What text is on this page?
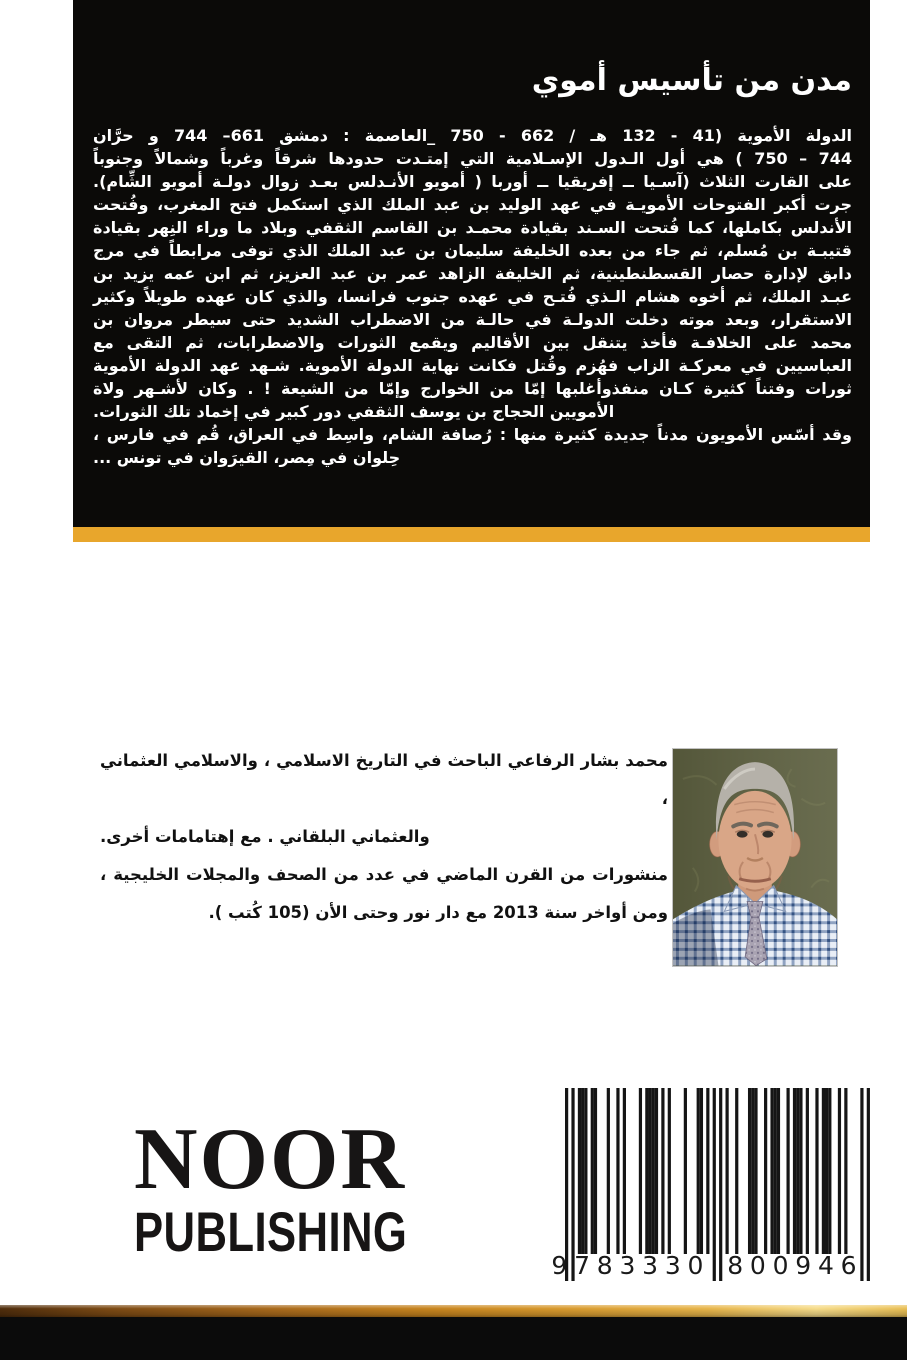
مدن من تأسيس أموي
الدولة الأموية (41 - 132 هـ / 662 - 750 _العاصمة : دمشق 661– 744 و حرَّان
744 – 750 ) هي أول الـدول الإسـلامية التي إمتـدت حدودها شرقاً وغرباً وشمالاً وجنوباً
على القارت الثلاث (آسـيا ــ إفريقيا ــ أوربا ( أمويو الأنـدلس بعـد زوال دولـة أمويو الشِّام).
جرت أكبر الفتوحات الأمويـة في عهد الوليد بن عبد الملك الذي استكمل فتح المغرب، وفُتحت
الأندلس بكاملها، كما فُتحت السـند بقيادة محمـد بن القاسم الثقفي وبلاد ما وراء النِهر بقيادة
قتيبـة بن مُسلم، ثم جاء من بعده الخليفة سليمان بن عبد الملك الذي توفى مرابطاً في مرج
دابق لإدارة حصار القسطنطينية، ثم الخليفة الزاهد عمر بن عبد العزيز، ثم ابن عمه يزيد بن
عبـد الملك، ثم أخوه هشام الـذي فُتـح في عهده جنوب فرانسا، والذي كان عهده طويلاً وكثير
الاستقرار، وبعد موته دخلت الدولـة في حالـة من الاضطراب الشديد حتى سيطر مروان بن
محمد على الخلافـة فأخذ يتنقل بين الأقاليم ويقمع الثورات والاضطرابات، ثم التقى مع
العباسيين في معركـة الزاب فهُزم وقُتل فكانت نهاية الدولة الأموية. شـهد عهد الدولة الأموية
ثورات وفتناً كثيرة كـان منفذوأغلبها إمّا من الخوارج وإمّا من الشيعة ! . وكان لأشـهر ولاة
الأمويين الحجاج بن يوسف الثقفي دور كبير في إخماد تلك الثورات.
وقد أسّس الأمويون مدناً جديدة كثيرة منها : رُصافة الشام، واسِط في العراق، قُم في فارس ،
حِلوان في مِصر، القيرَوان في تونس ...
محمد بشار الرفاعي الباحث في التاريخ الاسلامي ، والاسلامي العثماني ،
والعثماني البلقاني . مع إهتامامات أخرى.
منشورات من القرن الماضي في عدد من الصحف والمجلات الخليجية ،
ومن أواخر سنة 2013 مع دار نور وحتى الأن (105 كُتب ).
NOOR
PUBLISHING
9 7 8 3 3 3 0 8 0 0 9 4 6
